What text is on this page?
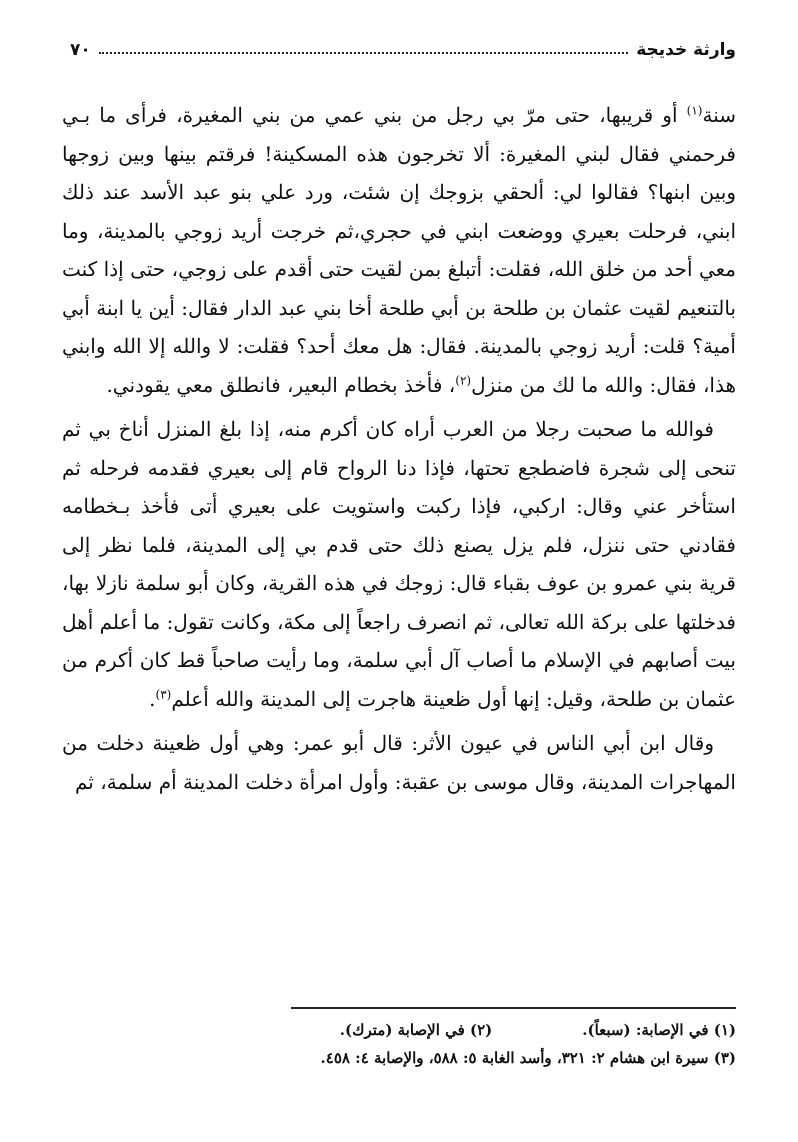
وارثة خديجة
٧٠

سنة$^{(١)}$ أو قريبها، حتى مرّ بي رجل من بني عمي من بني المغيرة، فرأى ما بـي فرحمني فقال لبني المغيرة: ألا تخرجون هذه المسكينة! فرقتم بينها وبين زوجها وبين ابنها؟ فقالوا لي: ألحقي بزوجك إن شئت، ورد علي بنو عبد الأسد عند ذلك ابني، فرحلت بعيري ووضعت ابني في حجري،ثم خرجت أريد زوجي بالمدينة، وما معي أحد من خلق الله، فقلت: أتبلغ بمن لقيت حتى أقدم على زوجي، حتى إذا كنت بالتنعيم لقيت عثمان بن طلحة بن أبي طلحة أخا بني عبد الدار فقال: أين يا ابنة أبي أمية؟ قلت: أريد زوجي بالمدينة. فقال: هل معك أحد؟ فقلت: لا والله إلا الله وابني هذا، فقال: والله ما لك من منزل$^{(٢)}$، فأخذ بخطام البعير، فانطلق معي يقودني.

فوالله ما صحبت رجلا من العرب أراه كان أكرم منه، إذا بلغ المنزل أناخ بي ثم تنحى إلى شجرة فاضطجع تحتها، فإذا دنا الرواح قام إلى بعيري فقدمه فرحله ثم استأخر عني وقال: اركبي، فإذا ركبت واستويت على بعيري أتى فأخذ بـخطامه فقادني حتى ننزل، فلم يزل يصنع ذلك حتى قدم بي إلى المدينة، فلما نظر إلى قرية بني عمرو بن عوف بقباء قال: زوجك في هذه القرية، وكان أبو سلمة نازلا بها، فدخلتها على بركة الله تعالى، ثم انصرف راجعاً إلى مكة، وكانت تقول: ما أعلم أهل بيت أصابهم في الإسلام ما أصاب آل أبي سلمة، وما رأيت صاحباً قط كان أكرم من عثمان بن طلحة، وقيل: إنها أول ظعينة هاجرت إلى المدينة والله أعلم$^{(٣)}$.

وقال ابن أبي الناس في عيون الأثر: قال أبو عمر: وهي أول ظعينة دخلت من المهاجرات المدينة، وقال موسى بن عقبة: وأول امرأة دخلت المدينة أم سلمة، ثم

(١) في الإصابة: (سبعاً).
(٢) في الإصابة (مترك).
(٣) سيرة ابن هشام ٢: ٣٢١، وأسد الغابة ٥: ٥٨٨، والإصابة ٤: ٤٥٨.
